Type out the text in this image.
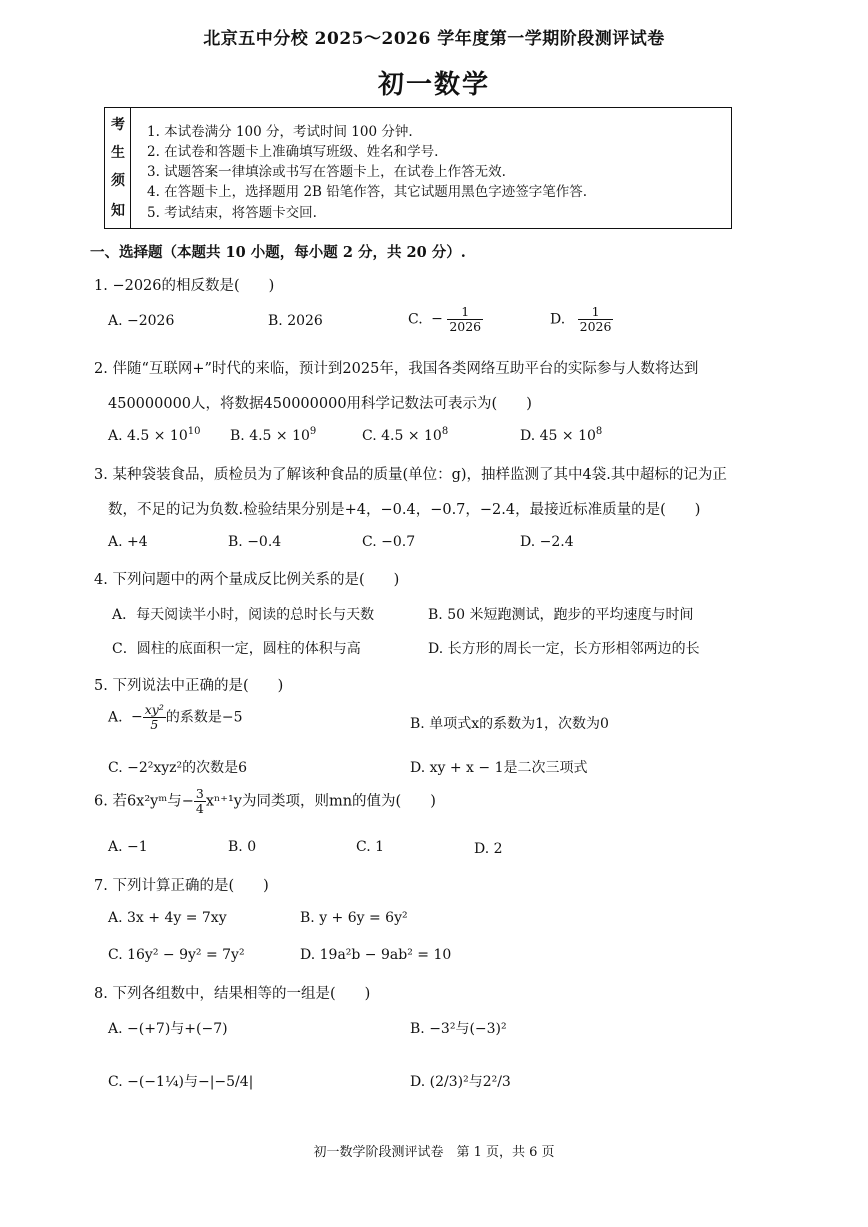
北京五中分校 2025～2026 学年度第一学期阶段测评试卷
初一数学
考
生
须
知
1. 本试卷满分 100 分，考试时间 100 分钟.
2. 在试卷和答题卡上准确填写班级、姓名和学号.
3. 试题答案一律填涂或书写在答题卡上，在试卷上作答无效.
4. 在答题卡上，选择题用 2B 铅笔作答，其它试题用黑色字迹签字笔作答.
5. 考试结束，将答题卡交回.
一、选择题（本题共 10 小题，每小题 2 分，共 20 分）.
1. −2026的相反数是(　　)
A. −2026	B. 2026	C. − $\frac{1}{2026}$	D. $\frac{1}{2026}$
2. 伴随“互联网+”时代的来临，预计到2025年，我国各类网络互助平台的实际参与人数将达到
450000000人，将数据450000000用科学记数法可表示为(　　)
A. $4.5 \times 10^{10}$ B. $4.5 \times 10^9$	C. $4.5 \times 10^8$	D. $45 \times 10^8$
3. 某种袋装食品，质检员为了解该种食品的质量(单位：g)，抽样监测了其中4袋.其中超标的记为正
数，不足的记为负数.检验结果分别是+4，−0.4，−0.7，−2.4，最接近标准质量的是(　　)
A. +4	B. −0.4	C. −0.7	D. −2.4
4. 下列问题中的两个量成反比例关系的是(　　)
A．每天阅读半小时，阅读的总时长与天数	B. 50 米短跑测试，跑步的平均速度与时间
C．圆柱的底面积一定，圆柱的体积与高	D. 长方形的周长一定，长方形相邻两边的长
5. 下列说法中正确的是(　　)
A. − $\frac{\text{xy²}}{5}$ 的系数是−5	B. 单项式x的系数为1，次数为0
C. −2²xyz²的次数是6	D. xy + x − 1是二次三项式
6. 若6x²yᵐ与− $\frac{3}{4} x^{n+1}y$为同类项，则mn的值为(　　)
A. −1	B. 0	C. 1	D. 2
7. 下列计算正确的是(　　)
A. 3x + 4y = 7xy	B. y + 6y = 6y²
C. 16y² − 9y² = 7y²	D. 19a²b − 9ab² = 10
8. 下列各组数中，结果相等的一组是(　　)
A. −(+7)与+(−7)	B. −3²与(−3)²
C. −(−1¼)与−|−5/4|	D. (2/3)²与2²/3
初一数学阶段测评试卷　第 1 页，共 6 页
